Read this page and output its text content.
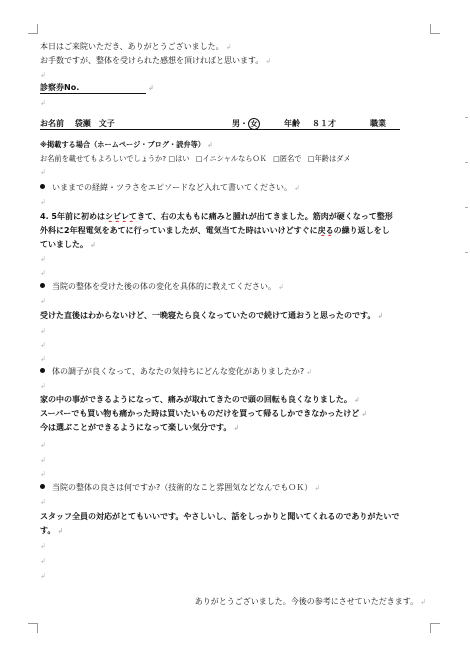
本日はご来院いただき、ありがとうございました。 ↲
お手数ですが、整体を受けられた感想を頂ければと思います。 ↲
↲
診察券No.	↲
↲
お名前 袋瀬　文子	男・ 女	年齢 ８１才	職業
※掲載する場合（ホームページ・ブログ・読弁等） ↲
お名前を載せてもよろしいでしょうか? □はい □イニシャルならＯＫ □匿名で □年齢はダメ
↲
いままでの経緯・ツラさをエピソードなど入れて書いてください。 ↲
↲
4. 5年前に初めはシビレてきて、右の太ももに痛みと腫れが出てきました。筋肉が硬くなって整形
外科に2年程電気をあてに行っていましたが、電気当てた時はいいけどすぐに戻るの繰り返しをし
ていました。 ↲
↲
↲
当院の整体を受けた後の体の変化を具体的に教えてください。 ↲
↲
受けた直後はわからないけど、一晩寝たら良くなっていたので続けて通おうと思ったのです。 ↲
↲
↲
↲
体の調子が良くなって、あなたの気持ちにどんな変化がありましたか? ↲
↲
家の中の事ができるようになって、痛みが取れてきたので頭の回転も良くなりました。 ↲
スーパーでも買い物も痛かった時は買いたいものだけを買って帰るしかできなかったけど ↲
今は選ぶことができるようになって楽しい気分です。 ↲
↲
↲
↲
当院の整体の良さは何ですか?（技術的なこと雰囲気などなんでもＯＫ） ↲
↲
スタッフ全員の対応がとてもいいです。やさしいし、話をしっかりと聞いてくれるのでありがたいで
す。 ↲
↲
↲
↲
ありがとうございました。今後の参考にさせていただきます。 ↲
